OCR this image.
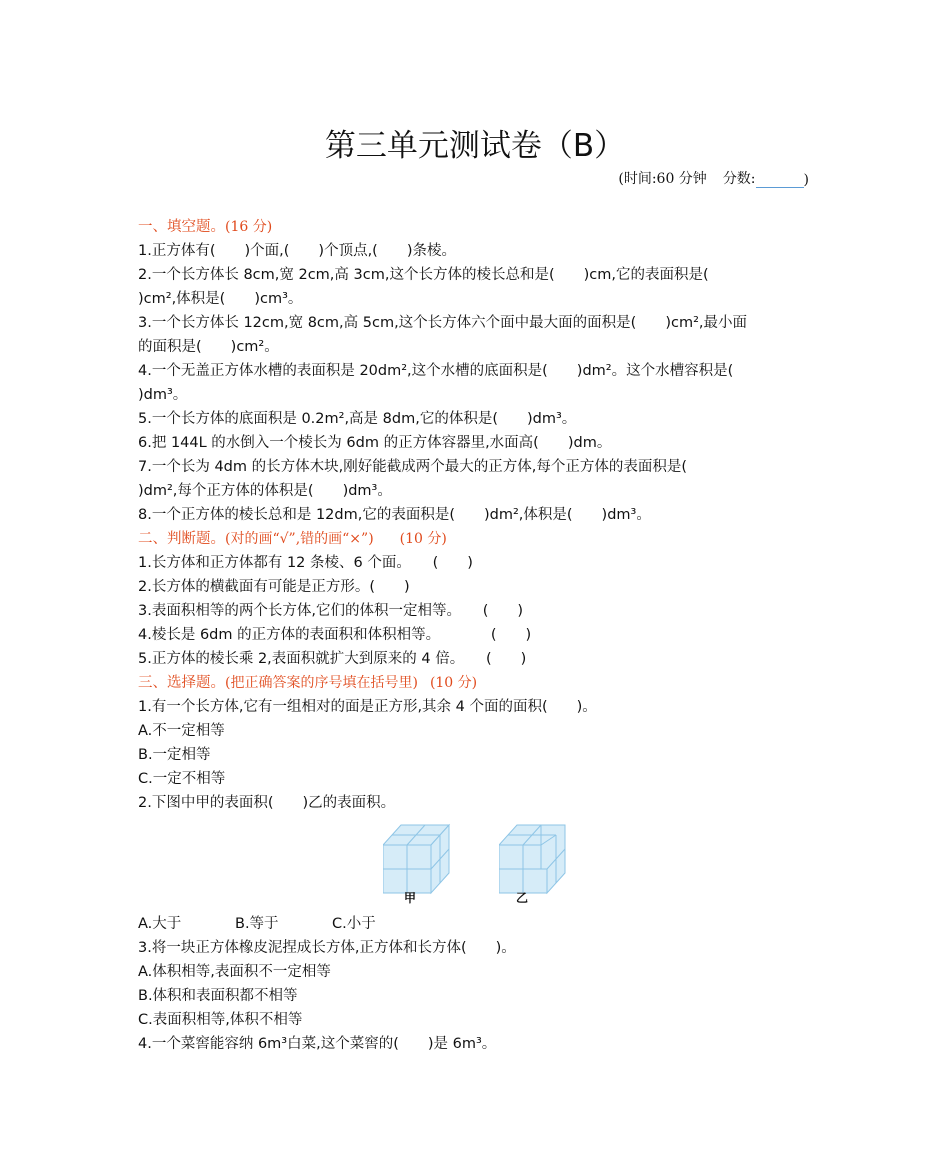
第三单元测试卷（B）
(时间:60 分钟 分数:	)
一、填空题。(16 分)
1.正方体有(　　)个面,(　　)个顶点,(　　)条棱。
2.一个长方体长 8cm,宽 2cm,高 3cm,这个长方体的棱长总和是(　　)cm,它的表面积是(
)cm²,体积是(　　)cm³。
3.一个长方体长 12cm,宽 8cm,高 5cm,这个长方体六个面中最大面的面积是(　　)cm²,最小面
的面积是(　　)cm²。
4.一个无盖正方体水槽的表面积是 20dm²,这个水槽的底面积是(　　)dm²。这个水槽容积是(
)dm³。
5.一个长方体的底面积是 0.2m²,高是 8dm,它的体积是(　　)dm³。
6.把 144L 的水倒入一个棱长为 6dm 的正方体容器里,水面高(　　)dm。
7.一个长为 4dm 的长方体木块,刚好能截成两个最大的正方体,每个正方体的表面积是(
)dm²,每个正方体的体积是(　　)dm³。
8.一个正方体的棱长总和是 12dm,它的表面积是(　　)dm²,体积是(　　)dm³。
二、判断题。(对的画“√”,错的画“×”) (10 分)
1.长方体和正方体都有 12 条棱、6 个面。　　(　　)
2.长方体的横截面有可能是正方形。(　　)
3.表面积相等的两个长方体,它们的体积一定相等。　　(　　)
4.棱长是 6dm 的正方体的表面积和体积相等。　　　　(　　)
5.正方体的棱长乘 2,表面积就扩大到原来的 4 倍。　　(　　)
三、选择题。(把正确答案的序号填在括号里) (10 分)
1.有一个长方体,它有一组相对的面是正方形,其余 4 个面的面积(　　)。
A.不一定相等
B.一定相等
C.一定不相等
2.下图中甲的表面积(　　)乙的表面积。
甲	乙
A.大于	B.等于	C.小于
3.将一块正方体橡皮泥捏成长方体,正方体和长方体(　　)。
A.体积相等,表面积不一定相等
B.体积和表面积都不相等
C.表面积相等,体积不相等
4.一个菜窖能容纳 6m³白菜,这个菜窖的(　　)是 6m³。
